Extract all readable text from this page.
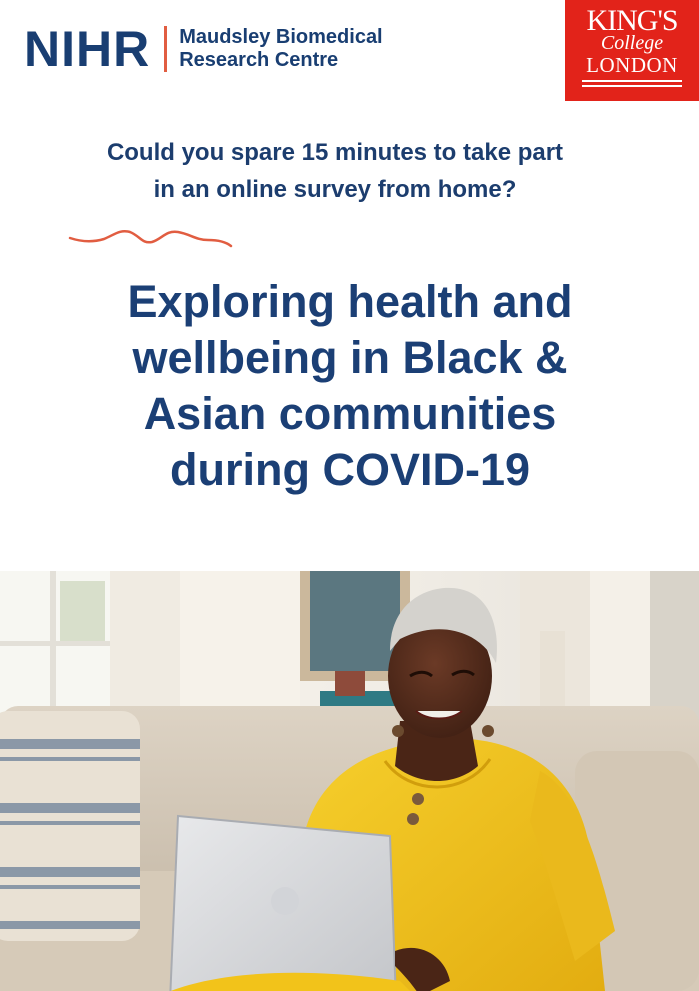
NIHR Maudsley Biomedical
Research Centre
KING'S
College
LONDON
Could you spare 15 minutes to take part
in an online survey from home?
Exploring health and
wellbeing in Black &
Asian communities
during COVID-19
